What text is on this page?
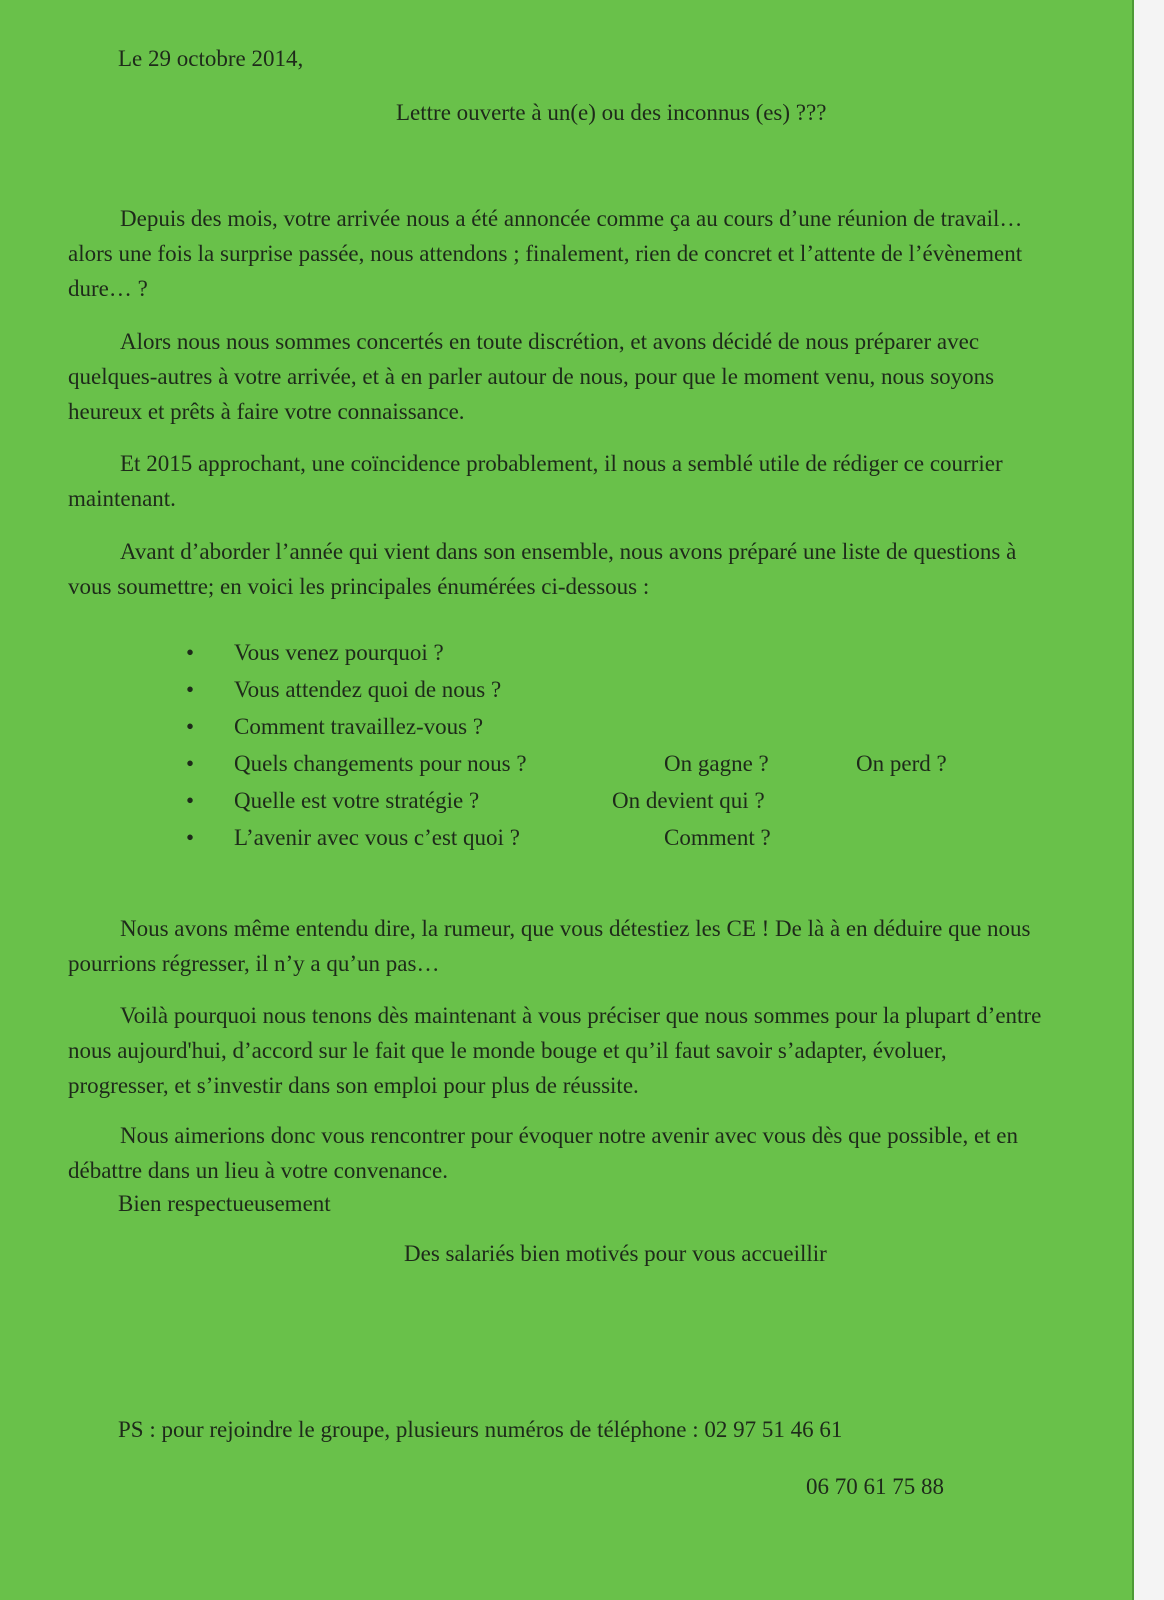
Le 29 octobre 2014,

Lettre ouverte à un(e) ou des inconnus (es) ???

Depuis des mois, votre arrivée nous a été annoncée comme ça au cours d’une réunion de travail…alors une fois la surprise passée, nous attendons ; finalement, rien de concret et l’attente de l’évènement dure… ?

Alors nous nous sommes concertés en toute discrétion, et avons décidé de nous préparer avec quelques-autres à votre arrivée, et à en parler autour de nous, pour que le moment venu, nous soyons heureux et prêts à faire votre connaissance.

Et 2015 approchant, une coïncidence probablement, il nous a semblé utile de rédiger ce courrier maintenant.

Avant d’aborder l’année qui vient dans son ensemble, nous avons préparé une liste de questions à vous soumettre; en voici les principales énumérées ci-dessous :

•	Vous venez pourquoi ?
•	Vous attendez quoi de nous ?
•	Comment travaillez-vous ?
•	Quels changements pour nous ?	On gagne ?	On perd ?
•	Quelle est votre stratégie ?	On devient qui ?
•	L’avenir avec vous c’est quoi ?	Comment ?

Nous avons même entendu dire, la rumeur, que vous détestiez les CE ! De là à en déduire que nous pourrions régresser, il n’y a qu’un pas…

Voilà pourquoi nous tenons dès maintenant à vous préciser que nous sommes pour la plupart d’entre nous aujourd'hui, d’accord sur le fait que le monde bouge et qu’il faut savoir s’adapter, évoluer, progresser, et s’investir dans son emploi pour plus de réussite.

Nous aimerions donc vous rencontrer pour évoquer notre avenir avec vous dès que possible, et en débattre dans un lieu à votre convenance.

Bien respectueusement

Des salariés bien motivés pour vous accueillir

PS : pour rejoindre le groupe, plusieurs numéros de téléphone : 02 97 51 46 61

06 70 61 75 88
